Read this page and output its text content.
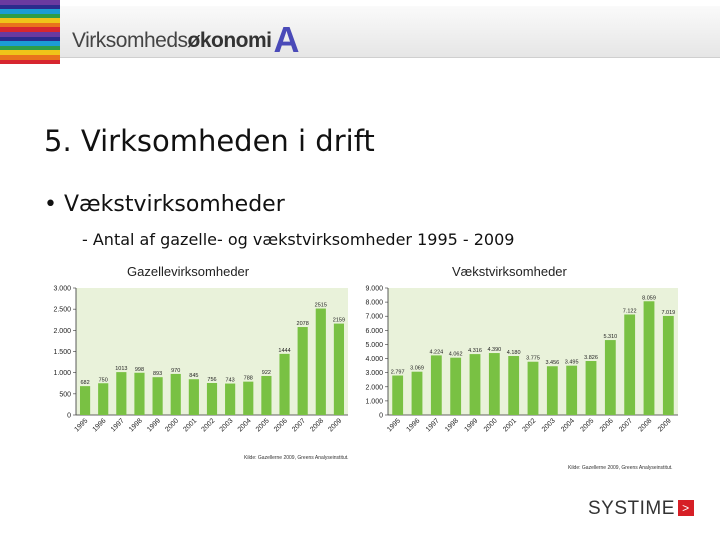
VirksomhedsøkonomiA
5. Virksomheden i drift
• Vækstvirksomheder
- Antal af gazelle- og vækstvirksomheder 1995 - 2009
Gazellevirksomheder	Vækstvirksomheder
0
500
1.000
1.500
2.000
2.500
3.000
682
1995
750
1996
1013
1997
998
1998
893
1999
970
2000
845
2001
756
2002
743
2003
788
2004
922
2005
1444
2006
2078
2007
2515
2008
2159
2009
0
1.000
2.000
3.000
4.000
5.000
6.000
7.000
8.000
9.000
2.797
1995
3.069
1996
4.224
1997
4.062
1998
4.316
1999
4.390
2000
4.180
2001
3.775
2002
3.456
2003
3.495
2004
3.826
2005
5.310
2006
7.122
2007
8.059
2008
7.019
2009
Kilde: Gazellerne 2009, Greens Analyseinstitut.
Kilde: Gazellerne 2009, Greens Analyseinstitut.
SYSTIME >
